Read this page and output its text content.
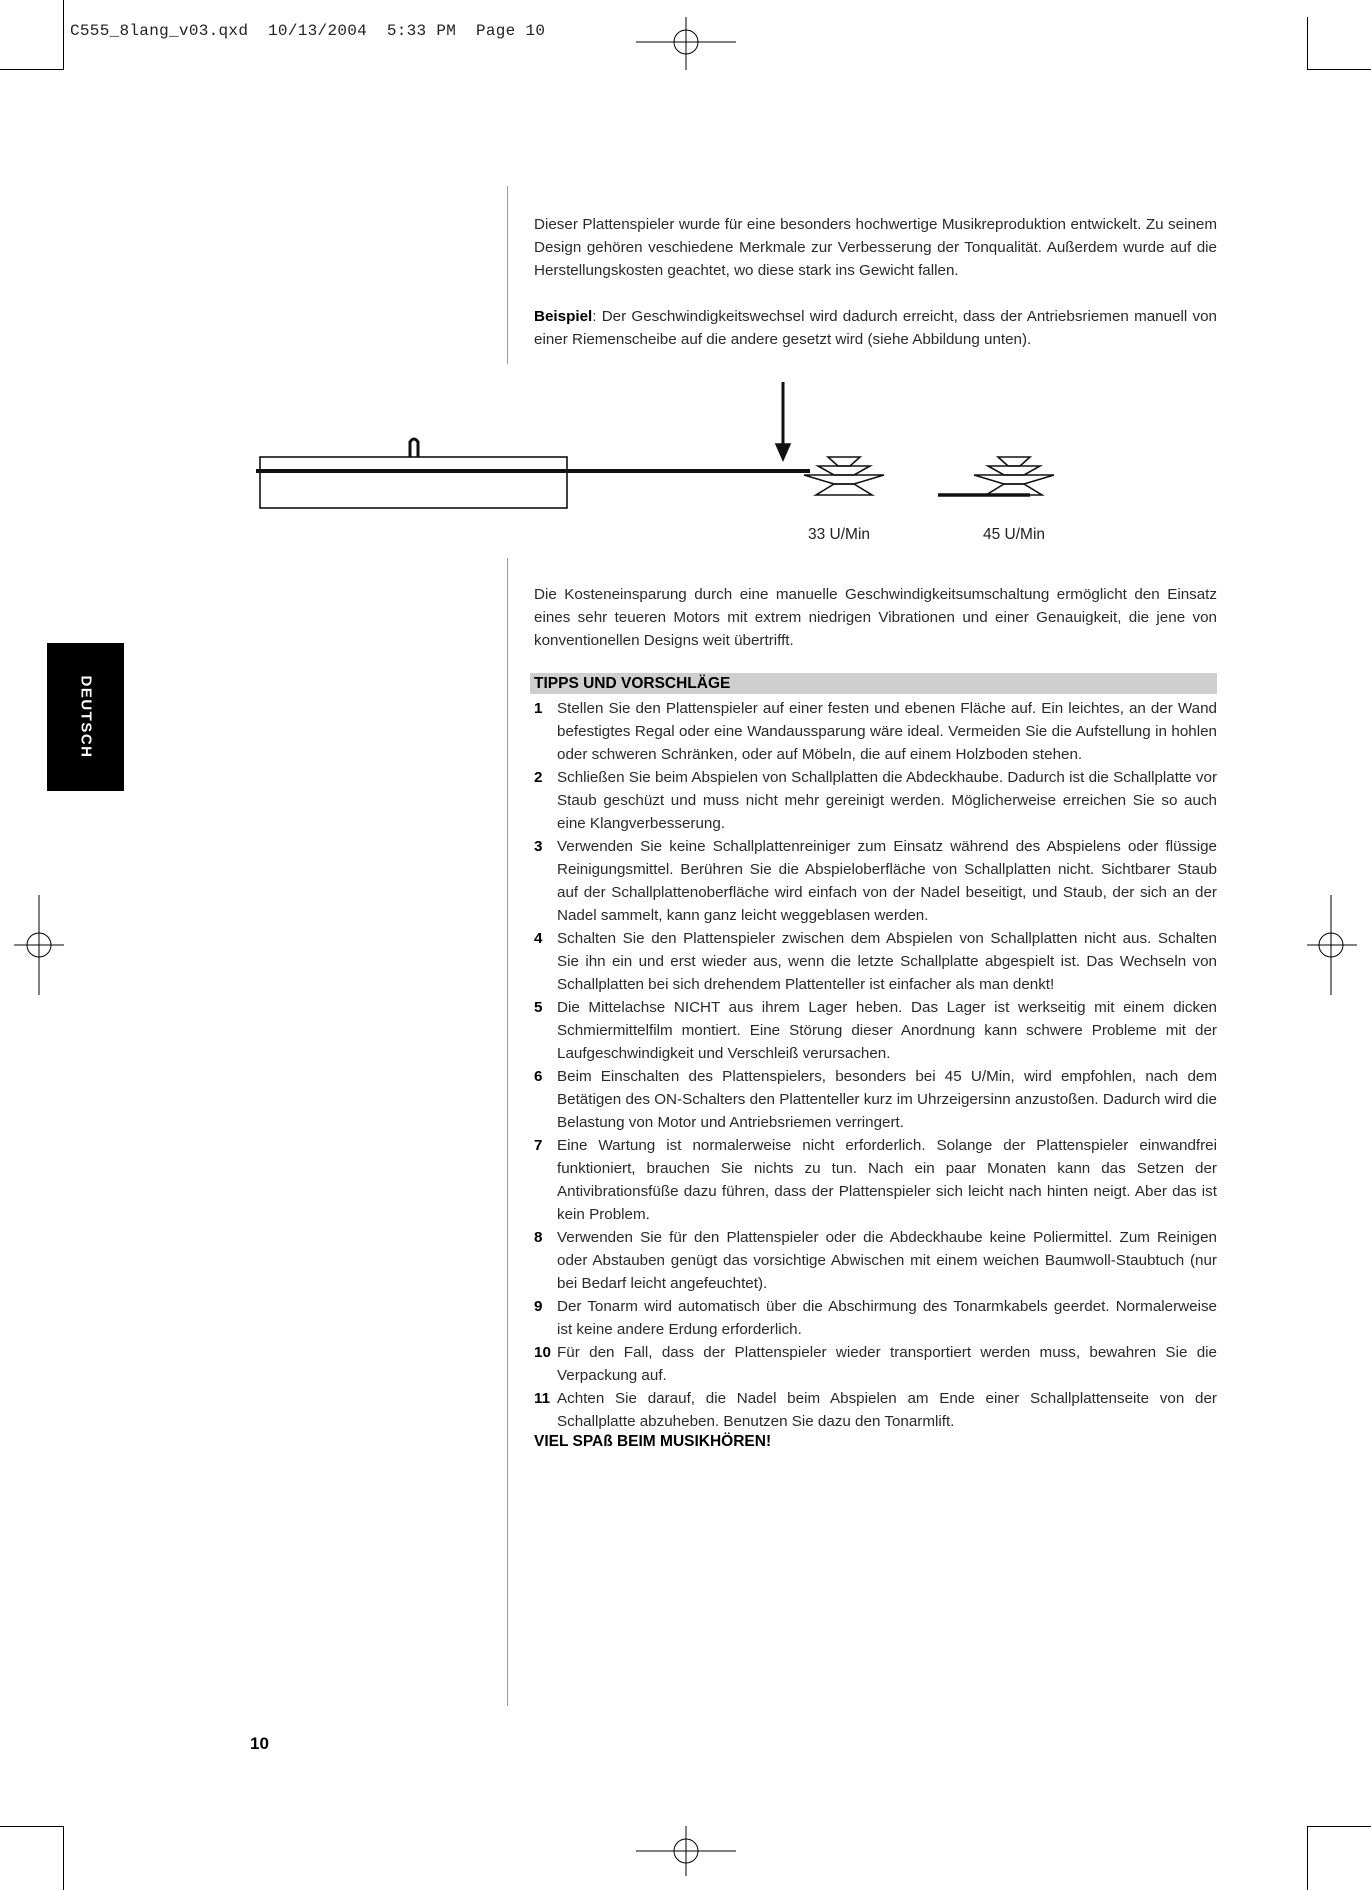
C555_8lang_v03.qxd  10/13/2004  5:33 PM  Page 10

Dieser Plattenspieler wurde für eine besonders hochwertige Musikreproduktion entwickelt. Zu seinem Design gehören veschiedene Merkmale zur Verbesserung der Tonqualität. Außerdem wurde auf die Herstellungskosten geachtet, wo diese stark ins Gewicht fallen.

Beispiel: Der Geschwindigkeitswechsel wird dadurch erreicht, dass der Antriebsriemen manuell von einer Riemenscheibe auf die andere gesetzt wird (siehe Abbildung unten).

33 U/Min	45 U/Min

Die Kosteneinsparung durch eine manuelle Geschwindigkeitsumschaltung ermöglicht den Einsatz eines sehr teueren Motors mit extrem niedrigen Vibrationen und einer Genauigkeit, die jene von konventionellen Designs weit übertrifft.

DEUTSCH	TIPPS UND VORSCHLÄGE
1 Stellen Sie den Plattenspieler auf einer festen und ebenen Fläche auf. Ein leichtes, an der Wand befestigtes Regal oder eine Wandaussparung wäre ideal. Vermeiden Sie die Aufstellung in hohlen oder schweren Schränken, oder auf Möbeln, die auf einem Holzboden stehen.
2 Schließen Sie beim Abspielen von Schallplatten die Abdeckhaube. Dadurch ist die Schallplatte vor Staub geschüzt und muss nicht mehr gereinigt werden. Möglicherweise erreichen Sie so auch eine Klangverbesserung.
3 Verwenden Sie keine Schallplattenreiniger zum Einsatz während des Abspielens oder flüssige Reinigungsmittel. Berühren Sie die Abspieloberfläche von Schallplatten nicht. Sichtbarer Staub auf der Schallplattenoberfläche wird einfach von der Nadel beseitigt, und Staub, der sich an der Nadel sammelt, kann ganz leicht weggeblasen werden.
4 Schalten Sie den Plattenspieler zwischen dem Abspielen von Schallplatten nicht aus. Schalten Sie ihn ein und erst wieder aus, wenn die letzte Schallplatte abgespielt ist. Das Wechseln von Schallplatten bei sich drehendem Plattenteller ist einfacher als man denkt!
5 Die Mittelachse NICHT aus ihrem Lager heben. Das Lager ist werkseitig mit einem dicken Schmiermittelfilm montiert. Eine Störung dieser Anordnung kann schwere Probleme mit der Laufgeschwindigkeit und Verschleiß verursachen.
6 Beim Einschalten des Plattenspielers, besonders bei 45 U/Min, wird empfohlen, nach dem Betätigen des ON-Schalters den Plattenteller kurz im Uhrzeigersinn anzustoßen. Dadurch wird die Belastung von Motor und Antriebsriemen verringert.
7 Eine Wartung ist normalerweise nicht erforderlich. Solange der Plattenspieler einwandfrei funktioniert, brauchen Sie nichts zu tun. Nach ein paar Monaten kann das Setzen der Antivibrationsfüße dazu führen, dass der Plattenspieler sich leicht nach hinten neigt. Aber das ist kein Problem.
8 Verwenden Sie für den Plattenspieler oder die Abdeckhaube keine Poliermittel. Zum Reinigen oder Abstauben genügt das vorsichtige Abwischen mit einem weichen Baumwoll-Staubtuch (nur bei Bedarf leicht angefeuchtet).
9 Der Tonarm wird automatisch über die Abschirmung des Tonarmkabels geerdet. Normalerweise ist keine andere Erdung erforderlich.
10 Für den Fall, dass der Plattenspieler wieder transportiert werden muss, bewahren Sie die Verpackung auf.
11 Achten Sie darauf, die Nadel beim Abspielen am Ende einer Schallplattenseite von der Schallplatte abzuheben. Benutzen Sie dazu den Tonarmlift.
VIEL SPAß BEIM MUSIKHÖREN!
10
